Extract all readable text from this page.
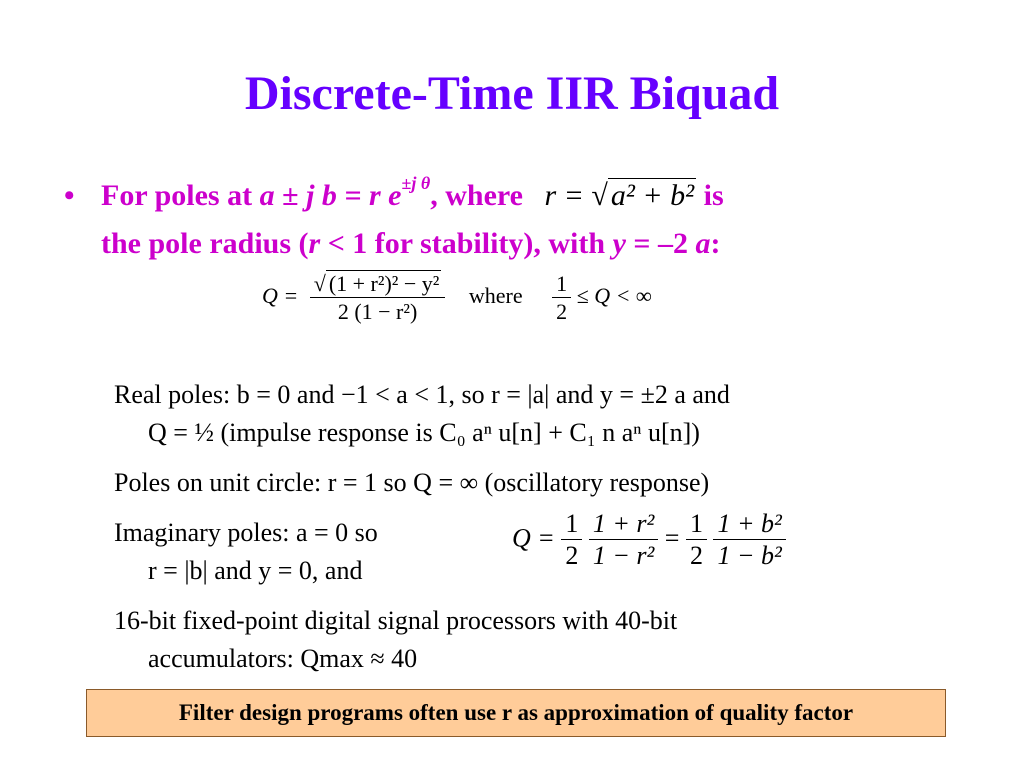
Discrete-Time IIR Biquad
• For poles at a ± j b = r $e^{\pm j \theta}$, where r = √ a² + b² is
the pole radius (r < 1 for stability), with y = –2 a:
$Q = \frac{\text{√ (1 + r²)² − y²}}{\text{2 (1 − r²)}}$ where $\frac{1}{2} \le Q$ < ∞
Real poles: b = 0 and −1 < a < 1, so r = |a| and y = ±2 a and
Q = ½ (impulse response is C₀ aⁿ u[n] + C₁ n aⁿ u[n])
Poles on unit circle: r = 1 so Q = ∞ (oscillatory response)
Imaginary poles: a = 0 so
r = |b| and y = 0, and
16-bit fixed-point digital signal processors with 40-bit
accumulators: Qmax ≈ 40
$Q = \frac{1}{2}$
$\frac{\text{1 + r²}}{\text{1 − r²}} = \frac{1}{2}$
$\frac{\text{1 + b²}}{\text{1 − b²}}$
Filter design programs often use r as approximation of quality factor
